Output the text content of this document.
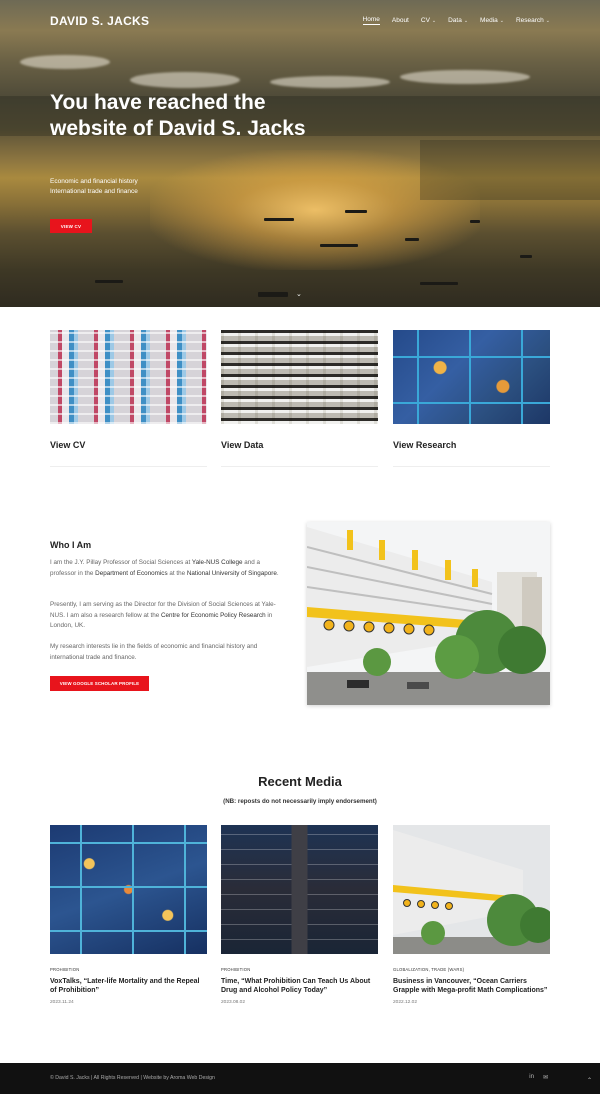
DAVID S. JACKS	Home About CV ⌄ Data ⌄ Media ⌄ Research ⌄
You have reached the website of David S. Jacks
Economic and financial history
International trade and finance
VIEW CV
⌄
View CV	View Data	View Research
Who I Am

I am the J.Y. Pillay Professor of Social Sciences at Yale-NUS College and a professor in the Department of Economics at the National University of Singapore.

Presently, I am serving as the Director for the Division of Social Sciences at Yale-NUS. I am also a research fellow at the Centre for Economic Policy Research in London, UK.

My research interests lie in the fields of economic and financial history and international trade and finance.

VIEW GOOGLE SCHOLAR PROFILE
Recent Media
(NB: reposts do not necessarily imply endorsement)
PROHIBITION
VoxTalks, “Later-life Mortality and the Repeal of Prohibition”
2023.11.24
PROHIBITION
Time, “What Prohibition Can Teach Us About Drug and Alcohol Policy Today”
2023.08.02
GLOBALIZATION, TRADE (WARS)
Business in Vancouver, “Ocean Carriers Grapple with Mega-profit Math Complications”
2022.12.02
© David S. Jacks | All Rights Reserved | Website by Aroma Web Design	in ✉	⌃
